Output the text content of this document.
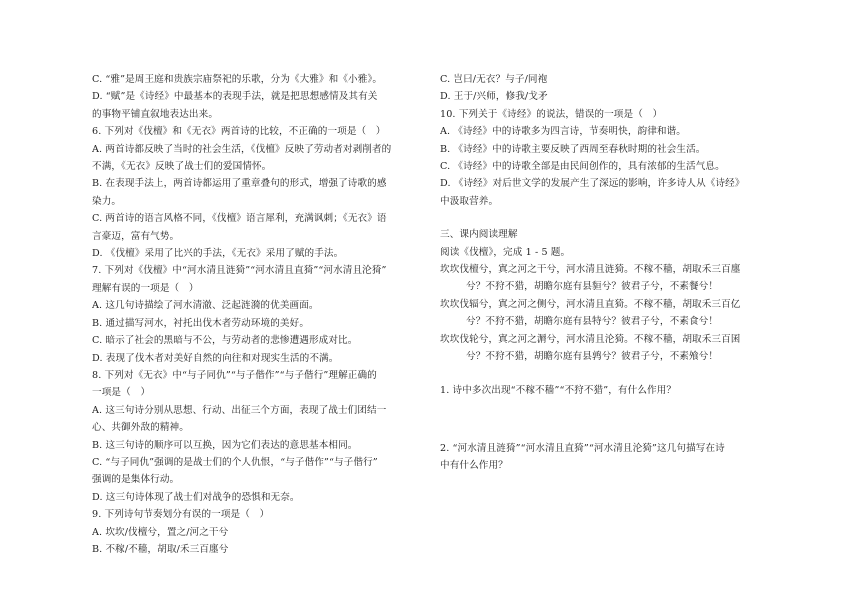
C. “雅”是周王庭和贵族宗庙祭祀的乐歌，分为《大雅》和《小雅》。
D. “赋”是《诗经》中最基本的表现手法，就是把思想感情及其有关
的事物平铺直叙地表达出来。
6. 下列对《伐檀》和《无衣》两首诗的比较，不正确的一项是（　）
A. 两首诗都反映了当时的社会生活，《伐檀》反映了劳动者对剥削者的
不满，《无衣》反映了战士们的爱国情怀。
B. 在表现手法上，两首诗都运用了重章叠句的形式，增强了诗歌的感
染力。
C. 两首诗的语言风格不同，《伐檀》语言犀利，充满讽刺；《无衣》语
言豪迈，富有气势。
D. 《伐檀》采用了比兴的手法，《无衣》采用了赋的手法。
7. 下列对《伐檀》中“河水清且涟猗”“河水清且直猗”“河水清且沦猗”
理解有误的一项是（　）
A. 这几句诗描绘了河水清澈、泛起涟漪的优美画面。
B. 通过描写河水，衬托出伐木者劳动环境的美好。
C. 暗示了社会的黑暗与不公，与劳动者的悲惨遭遇形成对比。
D. 表现了伐木者对美好自然的向往和对现实生活的不满。
8. 下列对《无衣》中“与子同仇”“与子偕作”“与子偕行”理解正确的
一项是（　）
A. 这三句诗分别从思想、行动、出征三个方面，表现了战士们团结一
心、共御外敌的精神。
B. 这三句诗的顺序可以互换，因为它们表达的意思基本相同。
C. “与子同仇”强调的是战士们的个人仇恨，“与子偕作”“与子偕行”
强调的是集体行动。
D. 这三句诗体现了战士们对战争的恐惧和无奈。
9. 下列诗句节奏划分有误的一项是（　）
A. 坎坎/伐檀兮，置之/河之干兮
B. 不稼/不穑，胡取/禾三百廛兮
C. 岂曰/无衣？与子/同袍
D. 王于/兴师，修我/戈矛
10. 下列关于《诗经》的说法，错误的一项是（　）
A. 《诗经》中的诗歌多为四言诗，节奏明快，韵律和谐。
B. 《诗经》中的诗歌主要反映了西周至春秋时期的社会生活。
C. 《诗经》中的诗歌全部是由民间创作的，具有浓郁的生活气息。
D. 《诗经》对后世文学的发展产生了深远的影响，许多诗人从《诗经》
中汲取营养。
三、课内阅读理解
阅读《伐檀》，完成 1 - 5 题。
坎坎伐檀兮，寘之河之干兮，河水清且涟猗。不稼不穑，胡取禾三百廛
兮？不狩不猎，胡瞻尔庭有县貆兮？彼君子兮，不素餐兮！
坎坎伐辐兮，寘之河之侧兮，河水清且直猗。不稼不穑，胡取禾三百亿
兮？不狩不猎，胡瞻尔庭有县特兮？彼君子兮，不素食兮！
坎坎伐轮兮，寘之河之漘兮，河水清且沦猗。不稼不穑，胡取禾三百囷
兮？不狩不猎，胡瞻尔庭有县鹑兮？彼君子兮，不素飧兮！
1. 诗中多次出现“不稼不穑”“不狩不猎”，有什么作用？
2. “河水清且涟猗”“河水清且直猗”“河水清且沦猗”这几句描写在诗
中有什么作用？
